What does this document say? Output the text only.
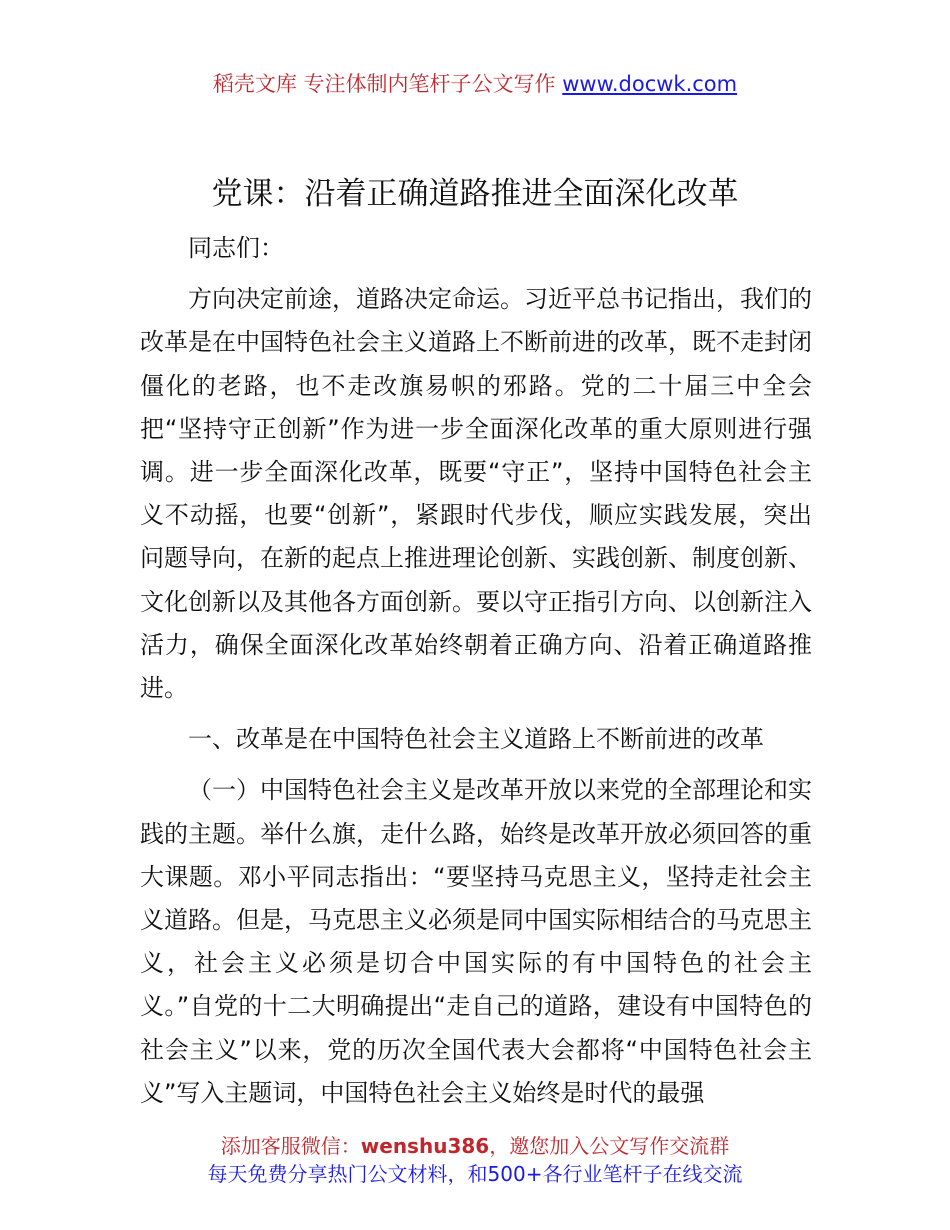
稻壳文库 专注体制内笔杆子公文写作 www.docwk.com
党课：沿着正确道路推进全面深化改革

同志们：

方向决定前途，道路决定命运。习近平总书记指出，我们的改革是在中国特色社会主义道路上不断前进的改革，既不走封闭僵化的老路，也不走改旗易帜的邪路。党的二十届三中全会把“坚持守正创新”作为进一步全面深化改革的重大原则进行强调。进一步全面深化改革，既要“守正”，坚持中国特色社会主义不动摇，也要“创新”，紧跟时代步伐，顺应实践发展，突出问题导向，在新的起点上推进理论创新、实践创新、制度创新、文化创新以及其他各方面创新。要以守正指引方向、以创新注入活力，确保全面深化改革始终朝着正确方向、沿着正确道路推进。

一、改革是在中国特色社会主义道路上不断前进的改革

（一）中国特色社会主义是改革开放以来党的全部理论和实践的主题。举什么旗，走什么路，始终是改革开放必须回答的重大课题。邓小平同志指出：“要坚持马克思主义，坚持走社会主义道路。但是，马克思主义必须是同中国实际相结合的马克思主义，社会主义必须是切合中国实际的有中国特色的社会主义。”自党的十二大明确提出“走自己的道路，建设有中国特色的社会主义”以来，党的历次全国代表大会都将“中国特色社会主义”写入主题词，中国特色社会主义始终是时代的最强

添加客服微信：wenshu386，邀您加入公文写作交流群
每天免费分享热门公文材料，和500+各行业笔杆子在线交流
